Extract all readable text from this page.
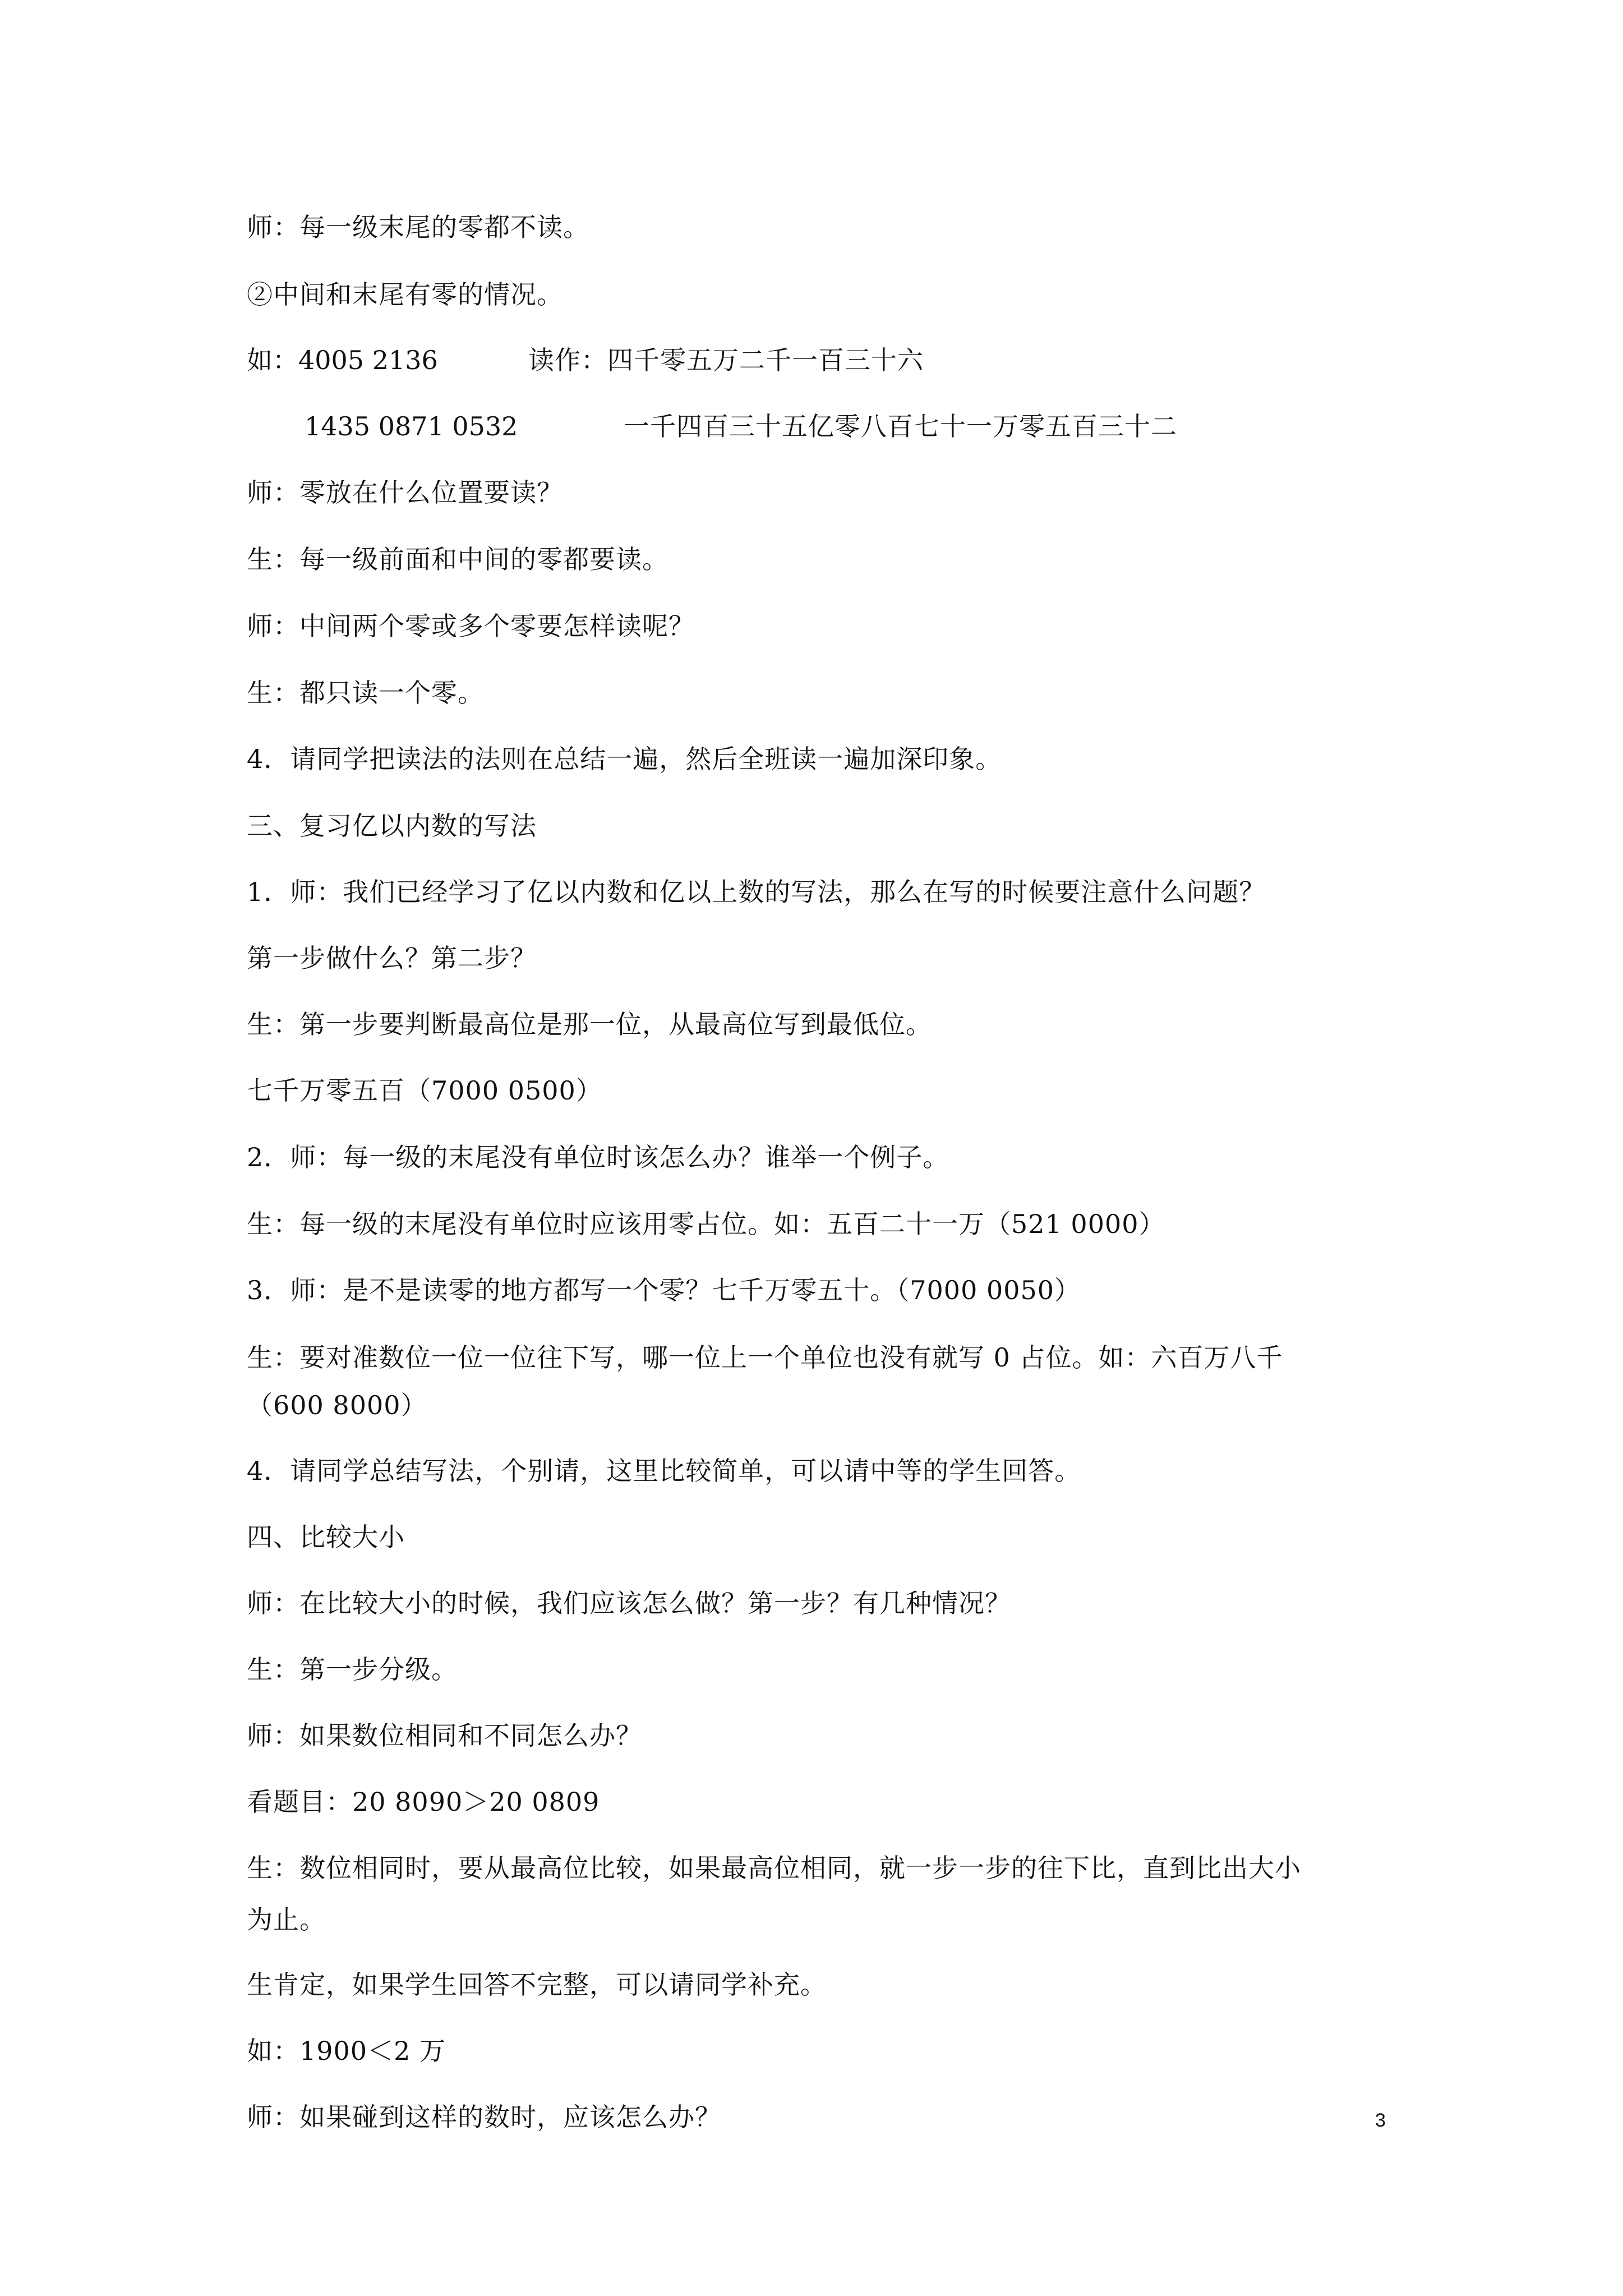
师：每一级末尾的零都不读。
②中间和末尾有零的情况。
如：4005 2136	读作：四千零五万二千一百三十六
1435 0871 0532	一千四百三十五亿零八百七十一万零五百三十二
师：零放在什么位置要读？
生：每一级前面和中间的零都要读。
师：中间两个零或多个零要怎样读呢？
生：都只读一个零。
4．请同学把读法的法则在总结一遍，然后全班读一遍加深印象。
三、复习亿以内数的写法
1．师：我们已经学习了亿以内数和亿以上数的写法，那么在写的时候要注意什么问题？
第一步做什么？第二步？
生：第一步要判断最高位是那一位，从最高位写到最低位。
七千万零五百（7000 0500）
2．师：每一级的末尾没有单位时该怎么办？谁举一个例子。
生：每一级的末尾没有单位时应该用零占位。如：五百二十一万（521 0000）
3．师：是不是读零的地方都写一个零？七千万零五十。（7000 0050）
生：要对准数位一位一位往下写，哪一位上一个单位也没有就写 0 占位。如：六百万八千
（600 8000）
4．请同学总结写法，个别请，这里比较简单，可以请中等的学生回答。
四、比较大小
师：在比较大小的时候，我们应该怎么做？第一步？有几种情况？
生：第一步分级。
师：如果数位相同和不同怎么办？
看题目：20 8090＞20 0809
生：数位相同时，要从最高位比较，如果最高位相同，就一步一步的往下比，直到比出大小
为止。
生肯定，如果学生回答不完整，可以请同学补充。
如：1900＜2 万
师：如果碰到这样的数时，应该怎么办？	3
